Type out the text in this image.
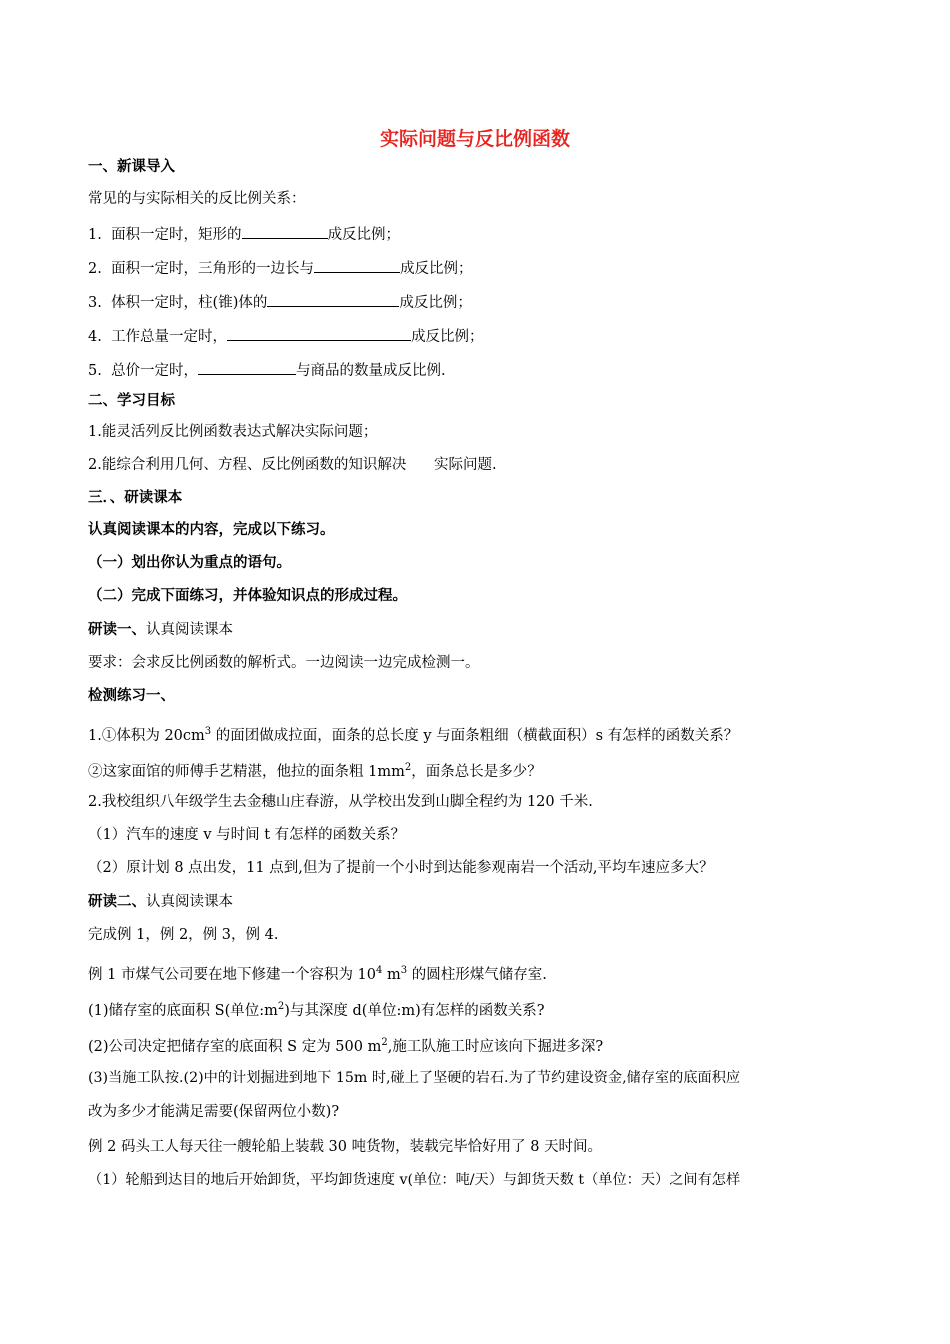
实际问题与反比例函数
一、新课导入
常见的与实际相关的反比例关系：
1. 面积一定时，矩形的	成反比例；
2. 面积一定时，三角形的一边长与	成反比例；
3. 体积一定时，柱(锥)体的	成反比例；
4. 工作总量一定时，	成反比例；
5. 总价一定时，	与商品的数量成反比例.
二、学习目标
1.能灵活列反比例函数表达式解决实际问题；
2.能综合利用几何、方程、反比例函数的知识解决 实际问题.
三．、研读课本
认真阅读课本的内容，完成以下练习。
（一）划出你认为重点的语句。
（二）完成下面练习，并体验知识点的形成过程。
研读一、认真阅读课本
要求：会求反比例函数的解析式。一边阅读一边完成检测一。
检测练习一、
1.①体积为 $20cm^3$ 的面团做成拉面，面条的总长度 y 与面条粗细（横截面积）s 有怎样的函数关系？
②这家面馆的师傅手艺精湛，他拉的面条粗 $1mm^2$，面条总长是多少？
2.我校组织八年级学生去金穗山庄春游，从学校出发到山脚全程约为 120 千米.
（1）汽车的速度 v 与时间 t 有怎样的函数关系？
（2）原计划 8 点出发，11 点到,但为了提前一个小时到达能参观南岩一个活动,平均车速应多大？
研读二、认真阅读课本
完成例 1，例 2，例 3，例 4.
例 1 市煤气公司要在地下修建一个容积为 $10^4$ $m^3$ 的圆柱形煤气储存室.
(1)储存室的底面积 S(单位$:m^2$)与其深度 d(单位:m)有怎样的函数关系?
(2)公司决定把储存室的底面积 S 定为 500 $m^2$,施工队施工时应该向下掘进多深?
(3)当施工队按.(2)中的计划掘进到地下 15m 时,碰上了坚硬的岩石.为了节约建设资金,储存室的底面积应
改为多少才能满足需要(保留两位小数)?
例 2 码头工人每天往一艘轮船上装载 30 吨货物，装载完毕恰好用了 8 天时间。
（1）轮船到达目的地后开始卸货，平均卸货速度 v(单位：吨/天）与卸货天数 t（单位：天）之间有怎样
